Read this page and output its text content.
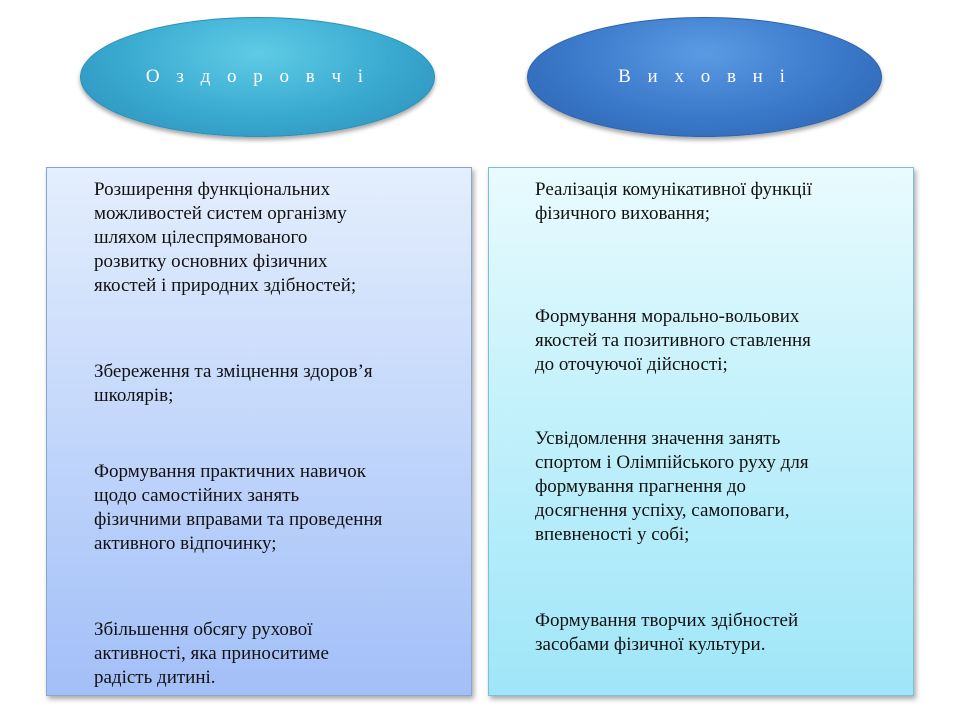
О з д о р о в ч і	В и х о в н і

Розширення функціональних
можливостей систем організму
шляхом цілеспрямованого
розвитку основних фізичних
якостей і природних здібностей;

Збереження та зміцнення здоров’я
школярів;

Формування практичних навичок
щодо самостійних занять
фізичними вправами та проведення
активного відпочинку;

Збільшення обсягу рухової
активності, яка приноситиме
радість дитині.

Реалізація комунікативної функції
фізичного виховання;

Формування морально-вольових
якостей та позитивного ставлення
до оточуючої дійсності;

Усвідомлення значення занять
спортом і Олімпійського руху для
формування прагнення до
досягнення успіху, самоповаги,
впевненості у собі;

Формування творчих здібностей
засобами фізичної культури.
